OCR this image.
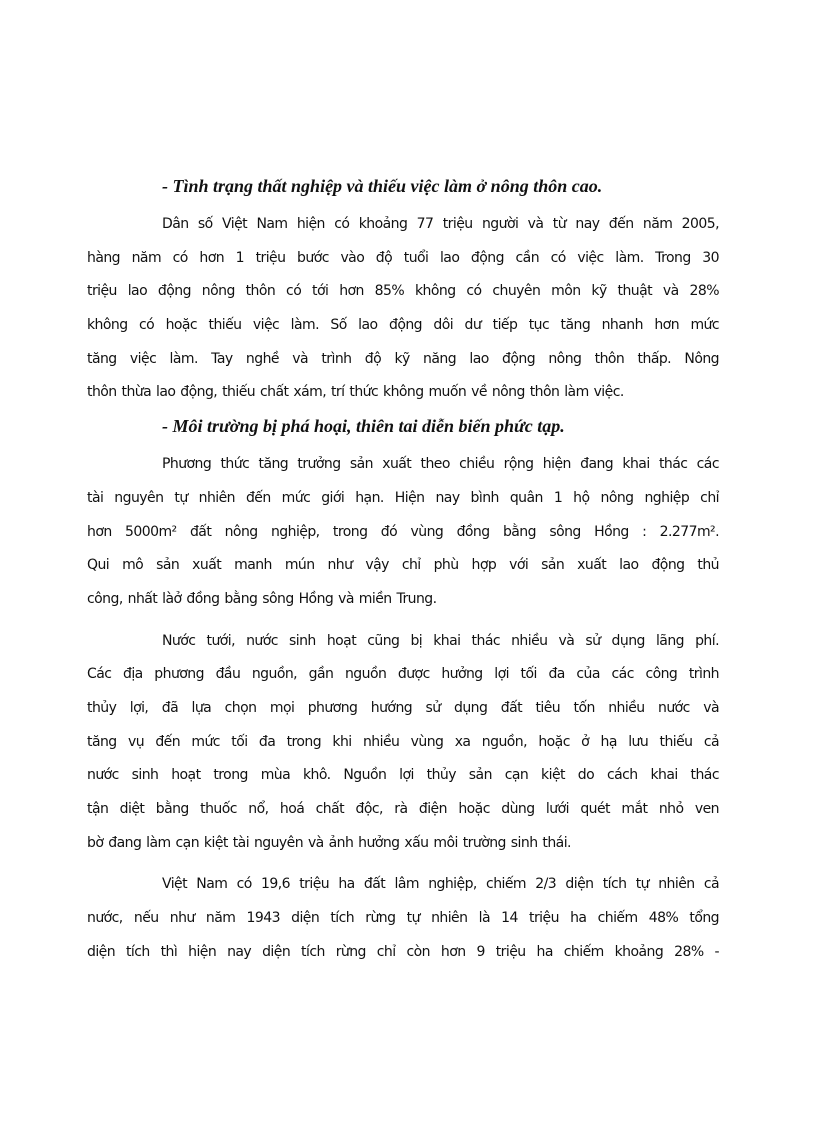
- Tình trạng thất nghiệp và thiếu việc làm ở nông thôn cao.
Dân số Việt Nam hiện có khoảng 77 triệu người và từ nay đến năm 2005,
hàng năm có hơn 1 triệu bước vào độ tuổi lao động cần có việc làm. Trong 30
triệu lao động nông thôn có tới hơn 85% không có chuyên môn kỹ thuật và 28%
không có hoặc thiếu việc làm. Số lao động dôi dư tiếp tục tăng nhanh hơn mức
tăng việc làm. Tay nghề và trình độ kỹ năng lao động nông thôn thấp. Nông
thôn thừa lao động, thiếu chất xám, trí thức không muốn về nông thôn làm việc.
- Môi trường bị phá hoại, thiên tai diễn biến phức tạp.
Phương thức tăng trưởng sản xuất theo chiều rộng hiện đang khai thác các
tài nguyên tự nhiên đến mức giới hạn. Hiện nay bình quân 1 hộ nông nghiệp chỉ
hơn 5000m² đất nông nghiệp, trong đó vùng đồng bằng sông Hồng : 2.277m².
Qui mô sản xuất manh mún như vậy chỉ phù hợp với sản xuất lao động thủ
công, nhất làở đồng bằng sông Hồng và miền Trung.
Nước tưới, nước sinh hoạt cũng bị khai thác nhiều và sử dụng lãng phí.
Các địa phương đầu nguồn, gần nguồn được hưởng lợi tối đa của các công trình
thủy lợi, đã lựa chọn mọi phương hướng sử dụng đất tiêu tốn nhiều nước và
tăng vụ đến mức tối đa trong khi nhiều vùng xa nguồn, hoặc ở hạ lưu thiếu cả
nước sinh hoạt trong mùa khô. Nguồn lợi thủy sản cạn kiệt do cách khai thác
tận diệt bằng thuốc nổ, hoá chất độc, rà điện hoặc dùng lưới quét mắt nhỏ ven
bờ đang làm cạn kiệt tài nguyên và ảnh hưởng xấu môi trường sinh thái.
Việt Nam có 19,6 triệu ha đất lâm nghiệp, chiếm 2/3 diện tích tự nhiên cả
nước, nếu như năm 1943 diện tích rừng tự nhiên là 14 triệu ha chiếm 48% tổng
diện tích thì hiện nay diện tích rừng chỉ còn hơn 9 triệu ha chiếm khoảng 28% -
